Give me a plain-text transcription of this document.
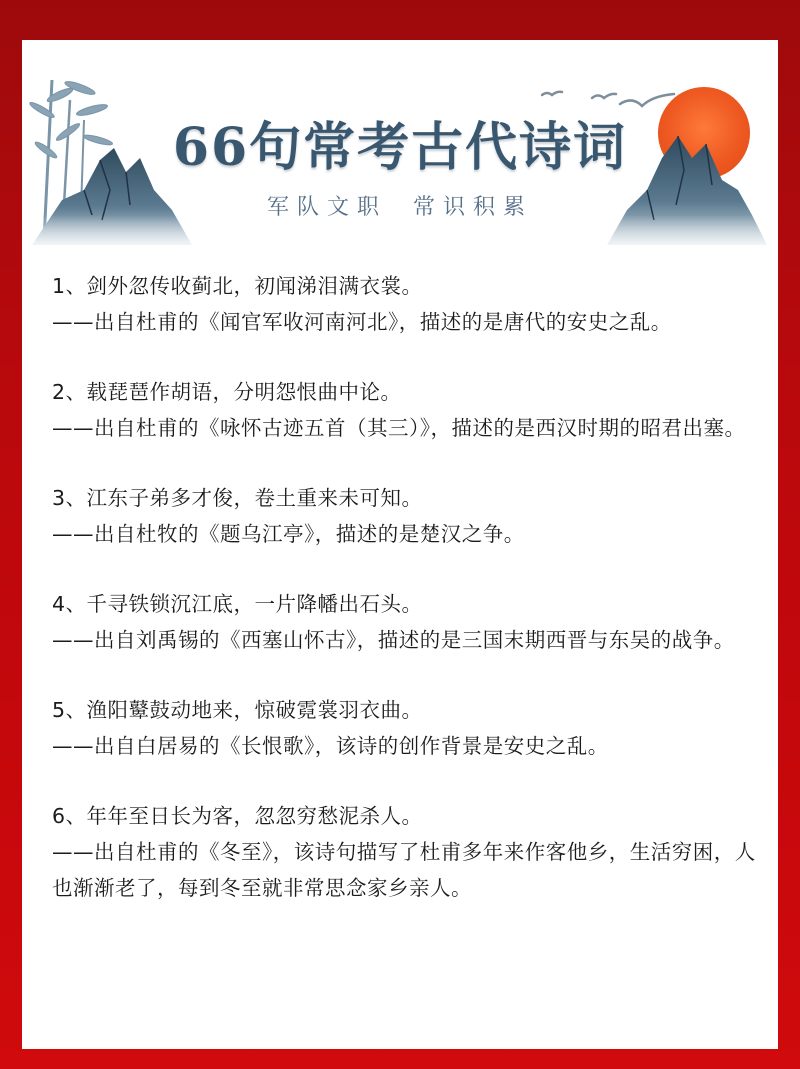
66句常考古代诗词
军队文职 常识积累

1、剑外忽传收蓟北，初闻涕泪满衣裳。

——出自杜甫的《闻官军收河南河北》，描述的是唐代的安史之乱。

2、载琵琶作胡语，分明怨恨曲中论。

——出自杜甫的《咏怀古迹五首（其三）》，描述的是西汉时期的昭君出塞。

3、江东子弟多才俊，卷土重来未可知。

——出自杜牧的《题乌江亭》，描述的是楚汉之争。

4、千寻铁锁沉江底，一片降幡出石头。

——出自刘禹锡的《西塞山怀古》，描述的是三国末期西晋与东吴的战争。

5、渔阳鼙鼓动地来，惊破霓裳羽衣曲。

——出自白居易的《长恨歌》，该诗的创作背景是安史之乱。

6、年年至日长为客，忽忽穷愁泥杀人。

——出自杜甫的《冬至》，该诗句描写了杜甫多年来作客他乡，生活穷困，人也渐渐老了，每到冬至就非常思念家乡亲人。
